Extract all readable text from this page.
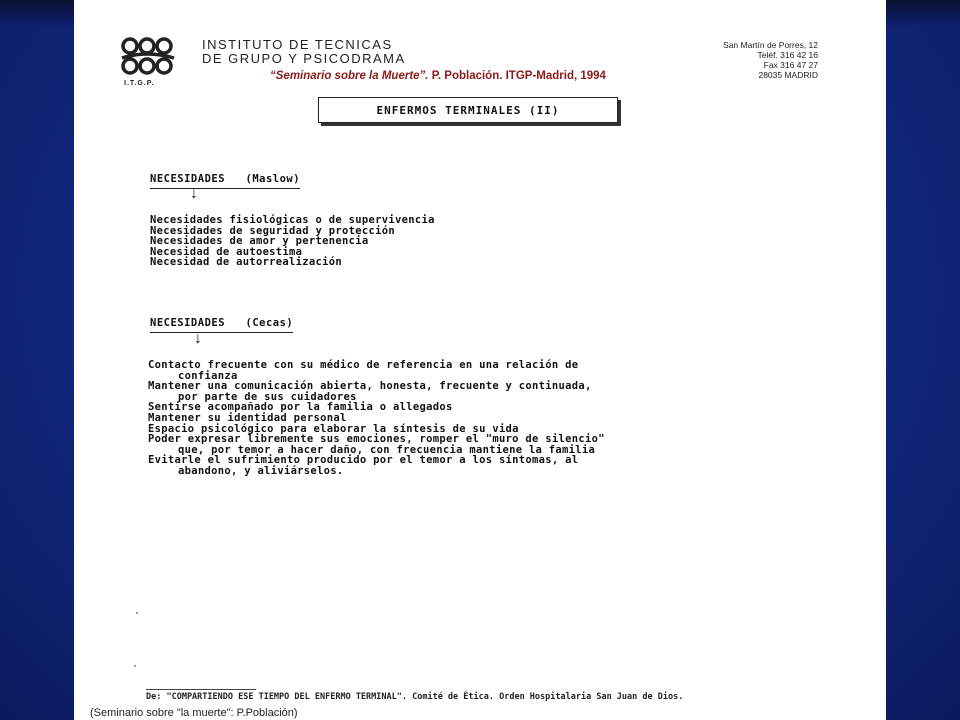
I.T.G.P.
INSTITUTO DE TECNICAS
DE GRUPO Y PSICODRAMA
San Martín de Porres, 12
Teléf. 316 42 16
Fax 316 47 27
28035 MADRID
“Seminario sobre la Muerte”. P. Población. ITGP-Madrid, 1994
ENFERMOS TERMINALES (II)
NECESIDADES   (Maslow)
↓
Necesidades fisiológicas o de supervivencia
Necesidades de seguridad y protección
Necesidades de amor y pertenencia
Necesidad de autoestima
Necesidad de autorrealización
NECESIDADES   (Cecas)
↓
Contacto frecuente con su médico de referencia en una relación de
confianza
Mantener una comunicación abierta, honesta, frecuente y continuada,
por parte de sus cuidadores
Sentirse acompañado por la familia o allegados
Mantener su identidad personal
Espacio psicológico para elaborar la síntesis de su vida
Poder expresar libremente sus emociones, romper el "muro de silencio"
que, por temor a hacer daño, con frecuencia mantiene la familia
Evitarle el sufrimiento producido por el temor a los síntomas, al
abandono, y aliviárselos.
De: "COMPARTIENDO ESE TIEMPO DEL ENFERMO TERMINAL". Comité de Ética. Orden Hospitalaria San Juan de Dios.
(Seminario sobre "la muerte": P.Población)
